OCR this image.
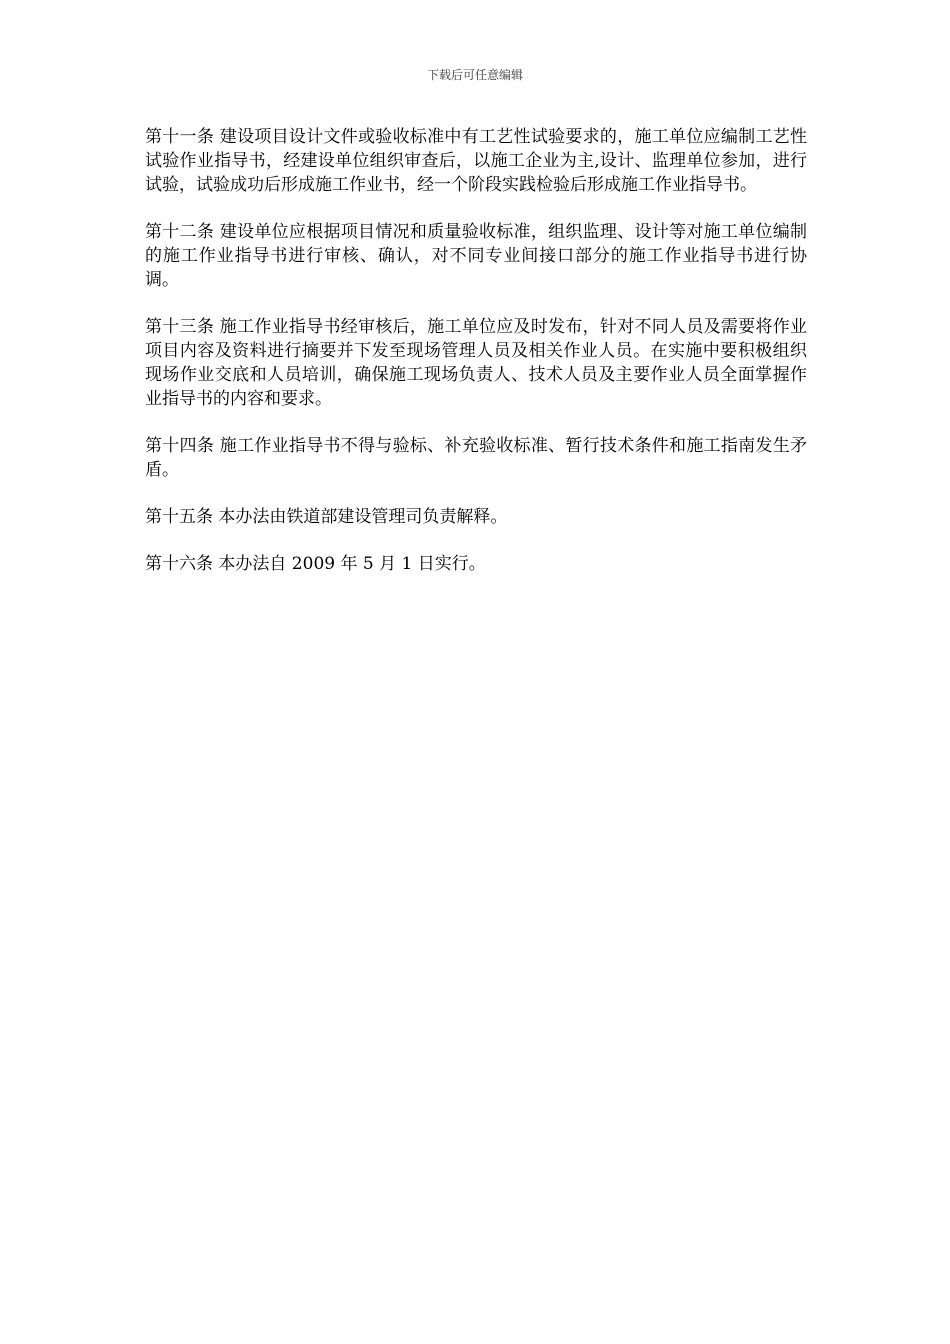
下载后可任意编辑

第十一条 建设项目设计文件或验收标准中有工艺性试验要求的，施工单位应编制工艺性试验作业指导书，经建设单位组织审查后，以施工企业为主,设计、监理单位参加，进行试验，试验成功后形成施工作业书，经一个阶段实践检验后形成施工作业指导书。

第十二条 建设单位应根据项目情况和质量验收标准，组织监理、设计等对施工单位编制的施工作业指导书进行审核、确认，对不同专业间接口部分的施工作业指导书进行协调。

第十三条 施工作业指导书经审核后，施工单位应及时发布，针对不同人员及需要将作业项目内容及资料进行摘要并下发至现场管理人员及相关作业人员。在实施中要积极组织现场作业交底和人员培训，确保施工现场负责人、技术人员及主要作业人员全面掌握作业指导书的内容和要求。

第十四条 施工作业指导书不得与验标、补充验收标准、暂行技术条件和施工指南发生矛盾。

第十五条 本办法由铁道部建设管理司负责解释。

第十六条 本办法自 2009 年 5 月 1 日实行。
